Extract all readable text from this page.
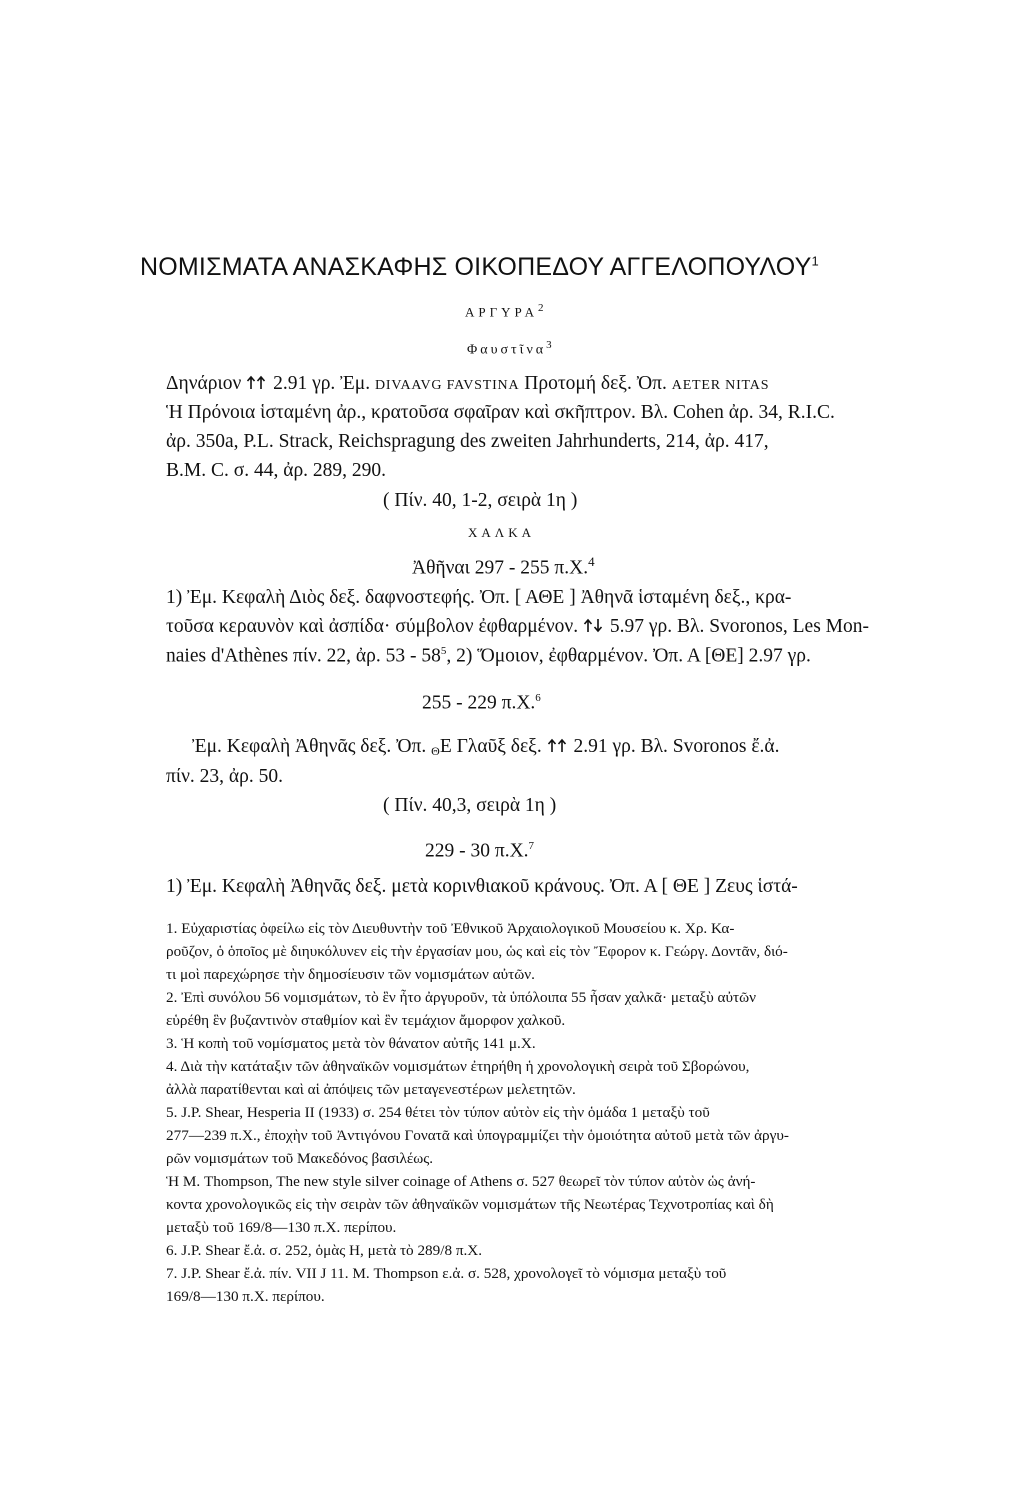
ΝΟΜΙΣΜΑΤΑ ΑΝΑΣΚΑΦΗΣ ΟΙΚΟΠΕΔΟΥ ΑΓΓΕΛΟΠΟΥΛΟΥ$^1$
ΑΡΓΥΡΑ$^2$
Φαυστῖνα$^3$
Δηνάριον 2.91 γρ. Ἐμ. DIVAAVG FAVSTINA Προτομή δεξ. Ὀπ. AETER NITAS
Ἡ Πρόνοια ἱσταμένη ἀρ., κρατοῦσα σφαῖραν καὶ σκῆπτρον. Βλ. Cohen ἀρ. 34, R.I.C.
ἀρ. 350a, P.L. Strack, Reichspragung des zweiten Jahrhunderts, 214, ἀρ. 417,
B.M. C. σ. 44, ἀρ. 289, 290.
( Πίν. 40, 1-2, σειρὰ 1η )
ΧΑΛΚΑ
Ἀθῆναι 297 - 255 π.Χ.$^4$
1) Ἐμ. Κεφαλὴ Διὸς δεξ. δαφνοστεφής. Ὀπ. [ ΑΘΕ ] Ἀθηνᾶ ἱσταμένη δεξ., κρα-
τοῦσα κεραυνὸν καὶ ἀσπίδα· σύμβολον ἐφθαρμένον. 5.97 γρ. Βλ. Svoronos, Les Mon-
naies d'Athènes πίν. 22, ἀρ. $53 - 58^5$, 2) Ὅμοιον, ἐφθαρμένον. Ὀπ. Α [ΘΕ] 2.97 γρ.
255 - 229 π.Χ.$^6$
Ἐμ. Κεφαλὴ Ἀθηνᾶς δεξ. Ὀπ. $_\Theta$Ε Γλαῦξ δεξ. 2.91 γρ. Βλ. Svoronos ἔ.ἀ.
πίν. 23, ἀρ. 50.
( Πίν. 40,3, σειρὰ 1η )
229 - 30 π.Χ.$^7$
1) Ἐμ. Κεφαλὴ Ἀθηνᾶς δεξ. μετὰ κορινθιακοῦ κράνους. Ὀπ. Α [ ΘΕ ] Ζευς ἱστά-
1. Εὐχαριστίας ὀφείλω εἰς τὸν Διευθυντὴν τοῦ Ἐθνικοῦ Ἀρχαιολογικοῦ Μουσείου κ. Χρ. Κα-
ροῦζον, ὁ ὁποῖος μὲ διηυκόλυνεν εἰς τὴν ἐργασίαν μου, ὡς καὶ εἰς τὸν Ἔφορον κ. Γεώργ. Δοντᾶν, διό-
τι μοὶ παρεχώρησε τὴν δημοσίευσιν τῶν νομισμάτων αὐτῶν.
2. Ἐπὶ συνόλου 56 νομισμάτων, τὸ ἓν ἦτο ἀργυροῦν, τὰ ὑπόλοιπα 55 ἦσαν χαλκᾶ· μεταξὺ αὐτῶν
εὑρέθη ἓν βυζαντινὸν σταθμίον καὶ ἓν τεμάχιον ἄμορφον χαλκοῦ.
3. Ἡ κοπὴ τοῦ νομίσματος μετὰ τὸν θάνατον αὐτῆς 141 μ.Χ.
4. Διὰ τὴν κατάταξιν τῶν ἀθηναϊκῶν νομισμάτων ἐτηρήθη ἡ χρονολογικὴ σειρὰ τοῦ Σβορώνου,
ἀλλὰ παρατίθενται καὶ αἱ ἀπόψεις τῶν μεταγενεστέρων μελετητῶν.
5. J.P. Shear, Hesperia II (1933) σ. 254 θέτει τὸν τύπον αὐτὸν εἰς τὴν ὁμάδα 1 μεταξὺ τοῦ
277—239 π.Χ., ἐποχὴν τοῦ Ἀντιγόνου Γονατᾶ καὶ ὑπογραμμίζει τὴν ὁμοιότητα αὐτοῦ μετὰ τῶν ἀργυ-
ρῶν νομισμάτων τοῦ Μακεδόνος βασιλέως.
Ἡ Μ. Thompson, The new style silver coinage of Athens σ. 527 θεωρεῖ τὸν τύπον αὐτὸν ὡς ἀνή-
κοντα χρονολογικῶς εἰς τὴν σειρὰν τῶν ἀθηναϊκῶν νομισμάτων τῆς Νεωτέρας Τεχνοτροπίας καὶ δὴ
μεταξὺ τοῦ 169/8—130 π.Χ. περίπου.
6. J.P. Shear ἔ.ἀ. σ. 252, ὁμὰς Η, μετὰ τὸ 289/8 π.Χ.
7. J.P. Shear ἔ.ἀ. πίν. VII J 11. Μ. Thompson ε.ἀ. σ. 528, χρονολογεῖ τὸ νόμισμα μεταξὺ τοῦ
169/8—130 π.Χ. περίπου.
